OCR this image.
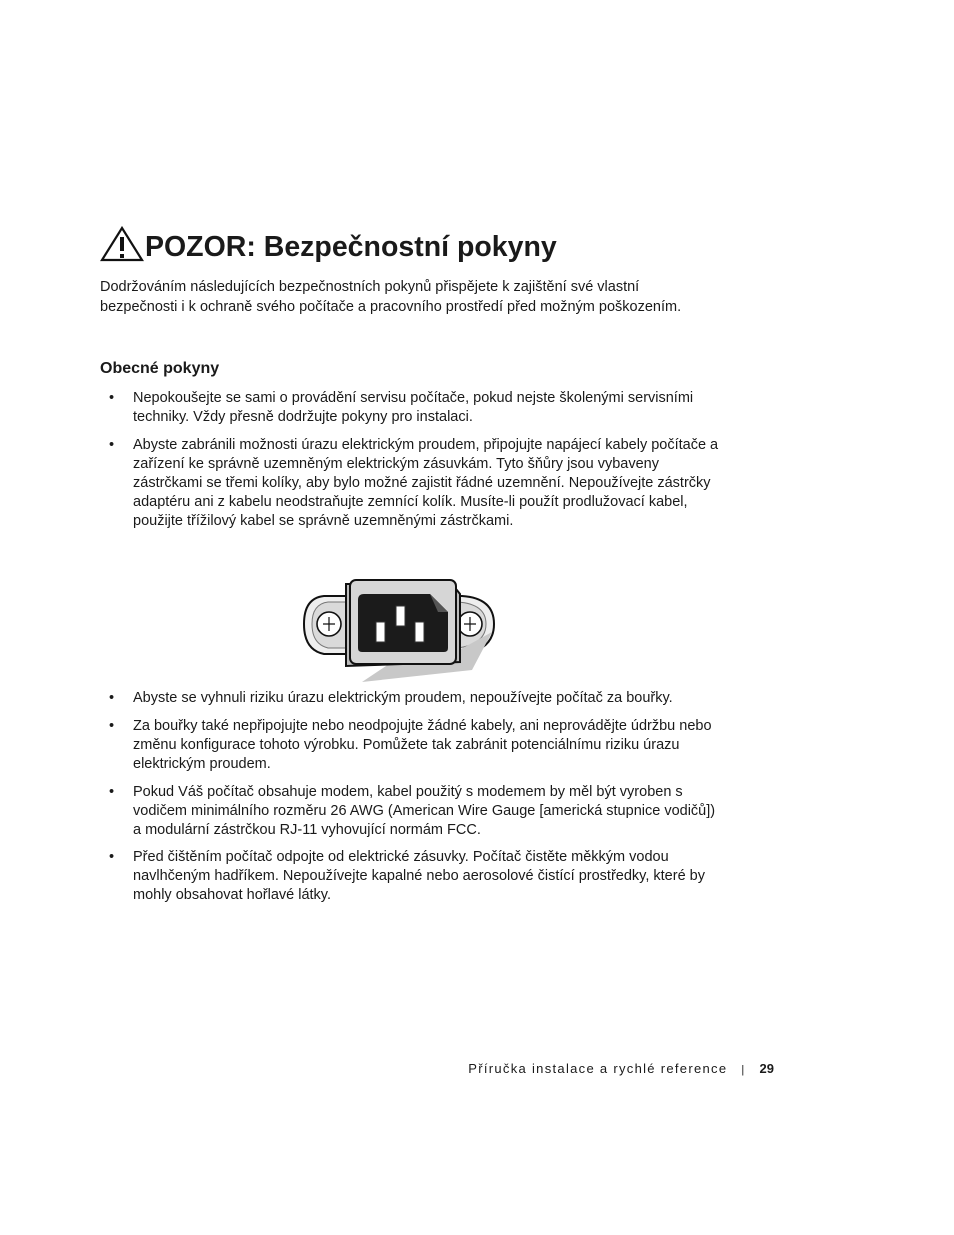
POZOR: Bezpečnostní pokyny
Dodržováním následujících bezpečnostních pokynů přispějete k zajištění své vlastní bezpečnosti i k ochraně svého počítače a pracovního prostředí před možným poškozením.
Obecné pokyny
• Nepokoušejte se sami o provádění servisu počítače, pokud nejste školenými servisními techniky. Vždy přesně dodržujte pokyny pro instalaci.
• Abyste zabránili možnosti úrazu elektrickým proudem, připojujte napájecí kabely počítače a zařízení ke správně uzemněným elektrickým zásuvkám. Tyto šňůry jsou vybaveny zástrčkami se třemi kolíky, aby bylo možné zajistit řádné uzemnění. Nepoužívejte zástrčky adaptéru ani z kabelu neodstraňujte zemnící kolík. Musíte-li použít prodlužovací kabel, použijte třížilový kabel se správně uzemněnými zástrčkami.
• Abyste se vyhnuli riziku úrazu elektrickým proudem, nepoužívejte počítač za bouřky.
• Za bouřky také nepřipojujte nebo neodpojujte žádné kabely, ani neprovádějte údržbu nebo změnu konfigurace tohoto výrobku. Pomůžete tak zabránit potenciálnímu riziku úrazu elektrickým proudem.
• Pokud Váš počítač obsahuje modem, kabel použitý s modemem by měl být vyroben s vodičem minimálního rozměru 26 AWG (American Wire Gauge [americká stupnice vodičů]) a modulární zástrčkou RJ-11 vyhovující normám FCC.
• Před čištěním počítač odpojte od elektrické zásuvky. Počítač čistěte měkkým vodou navlhčeným hadříkem. Nepoužívejte kapalné nebo aerosolové čistící prostředky, které by mohly obsahovat hořlavé látky.
Příručka instalace a rychlé reference | 29
